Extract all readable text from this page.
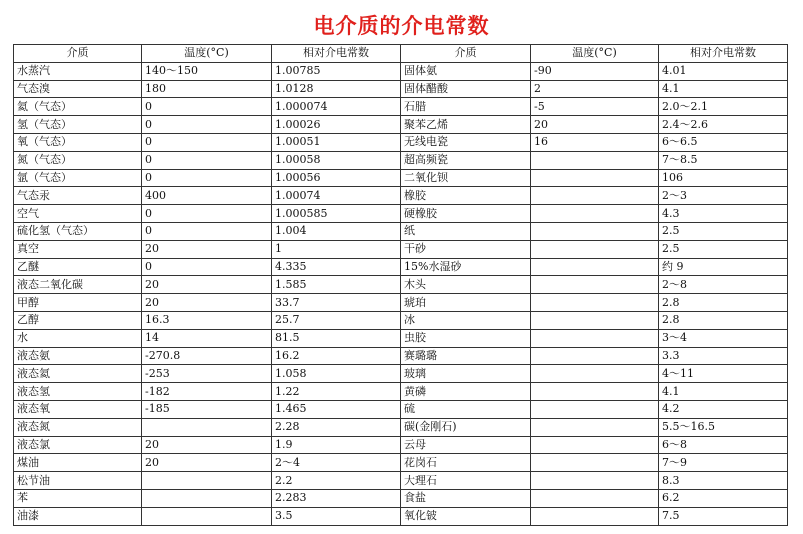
电介质的介电常数
介质	温度(°C)	相对介电常数	介质	温度(°C)	相对介电常数
水蒸汽	140～150	1.00785	固体氨	-90	4.01
气态溴	180	1.0128	固体醋酸	2	4.1
氦（气态）	0	1.000074	石腊	-5	2.0～2.1
氢（气态）	0	1.00026	聚苯乙烯	20	2.4～2.6
氧（气态）	0	1.00051	无线电瓷	16	6～6.5
氮（气态）	0	1.00058	超高频瓷		7～8.5
氩（气态）	0	1.00056	二氧化钡		106
气态汞	400	1.00074	橡胶		2～3
空气	0	1.000585	硬橡胶		4.3
硫化氢（气态）	0	1.004	纸		2.5
真空	20	1	干砂		2.5
乙醚	0	4.335	15%水湿砂		约 9
液态二氧化碳	20	1.585	木头		2～8
甲醇	20	33.7	琥珀		2.8
乙醇	16.3	25.7	冰		2.8
水	14	81.5	虫胶		3～4
液态氨	-270.8	16.2	赛璐璐		3.3
液态氦	-253	1.058	玻璃		4～11
液态氢	-182	1.22	黄磷		4.1
液态氧	-185	1.465	硫		4.2
液态氮		2.28	碳(金刚石)		5.5～16.5
液态氯	20	1.9	云母		6～8
煤油	20	2～4	花岗石		7～9
松节油		2.2	大理石		8.3
苯		2.283	食盐		6.2
油漆		3.5	氧化铍		7.5
